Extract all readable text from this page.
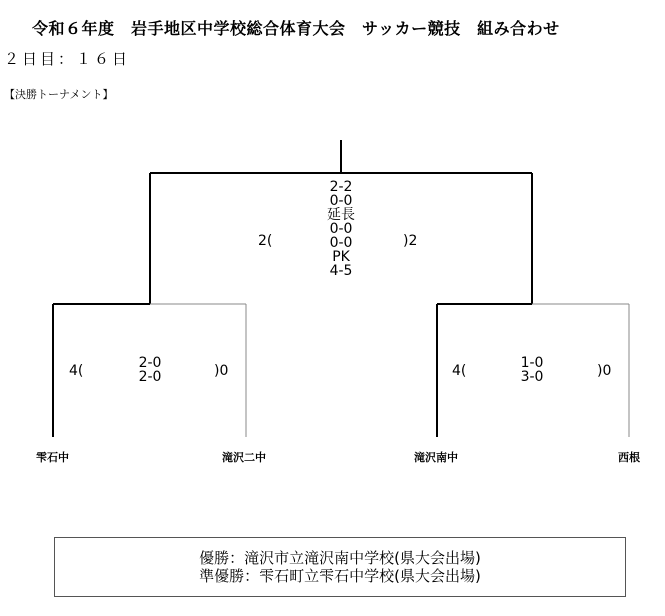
令和６年度　岩手地区中学校総合体育大会　サッカー競技　組み合わせ
２日目：１６日
【決勝トーナメント】
2(	)2
2-2
0-0
延長
0-0
0-0
PK
4-5
4(	)0
2-0
2-0	4(	)0
1-0
3-0
雫石中	滝沢二中	滝沢南中	西根
優勝：滝沢市立滝沢南中学校(県大会出場)
準優勝：雫石町立雫石中学校(県大会出場)
